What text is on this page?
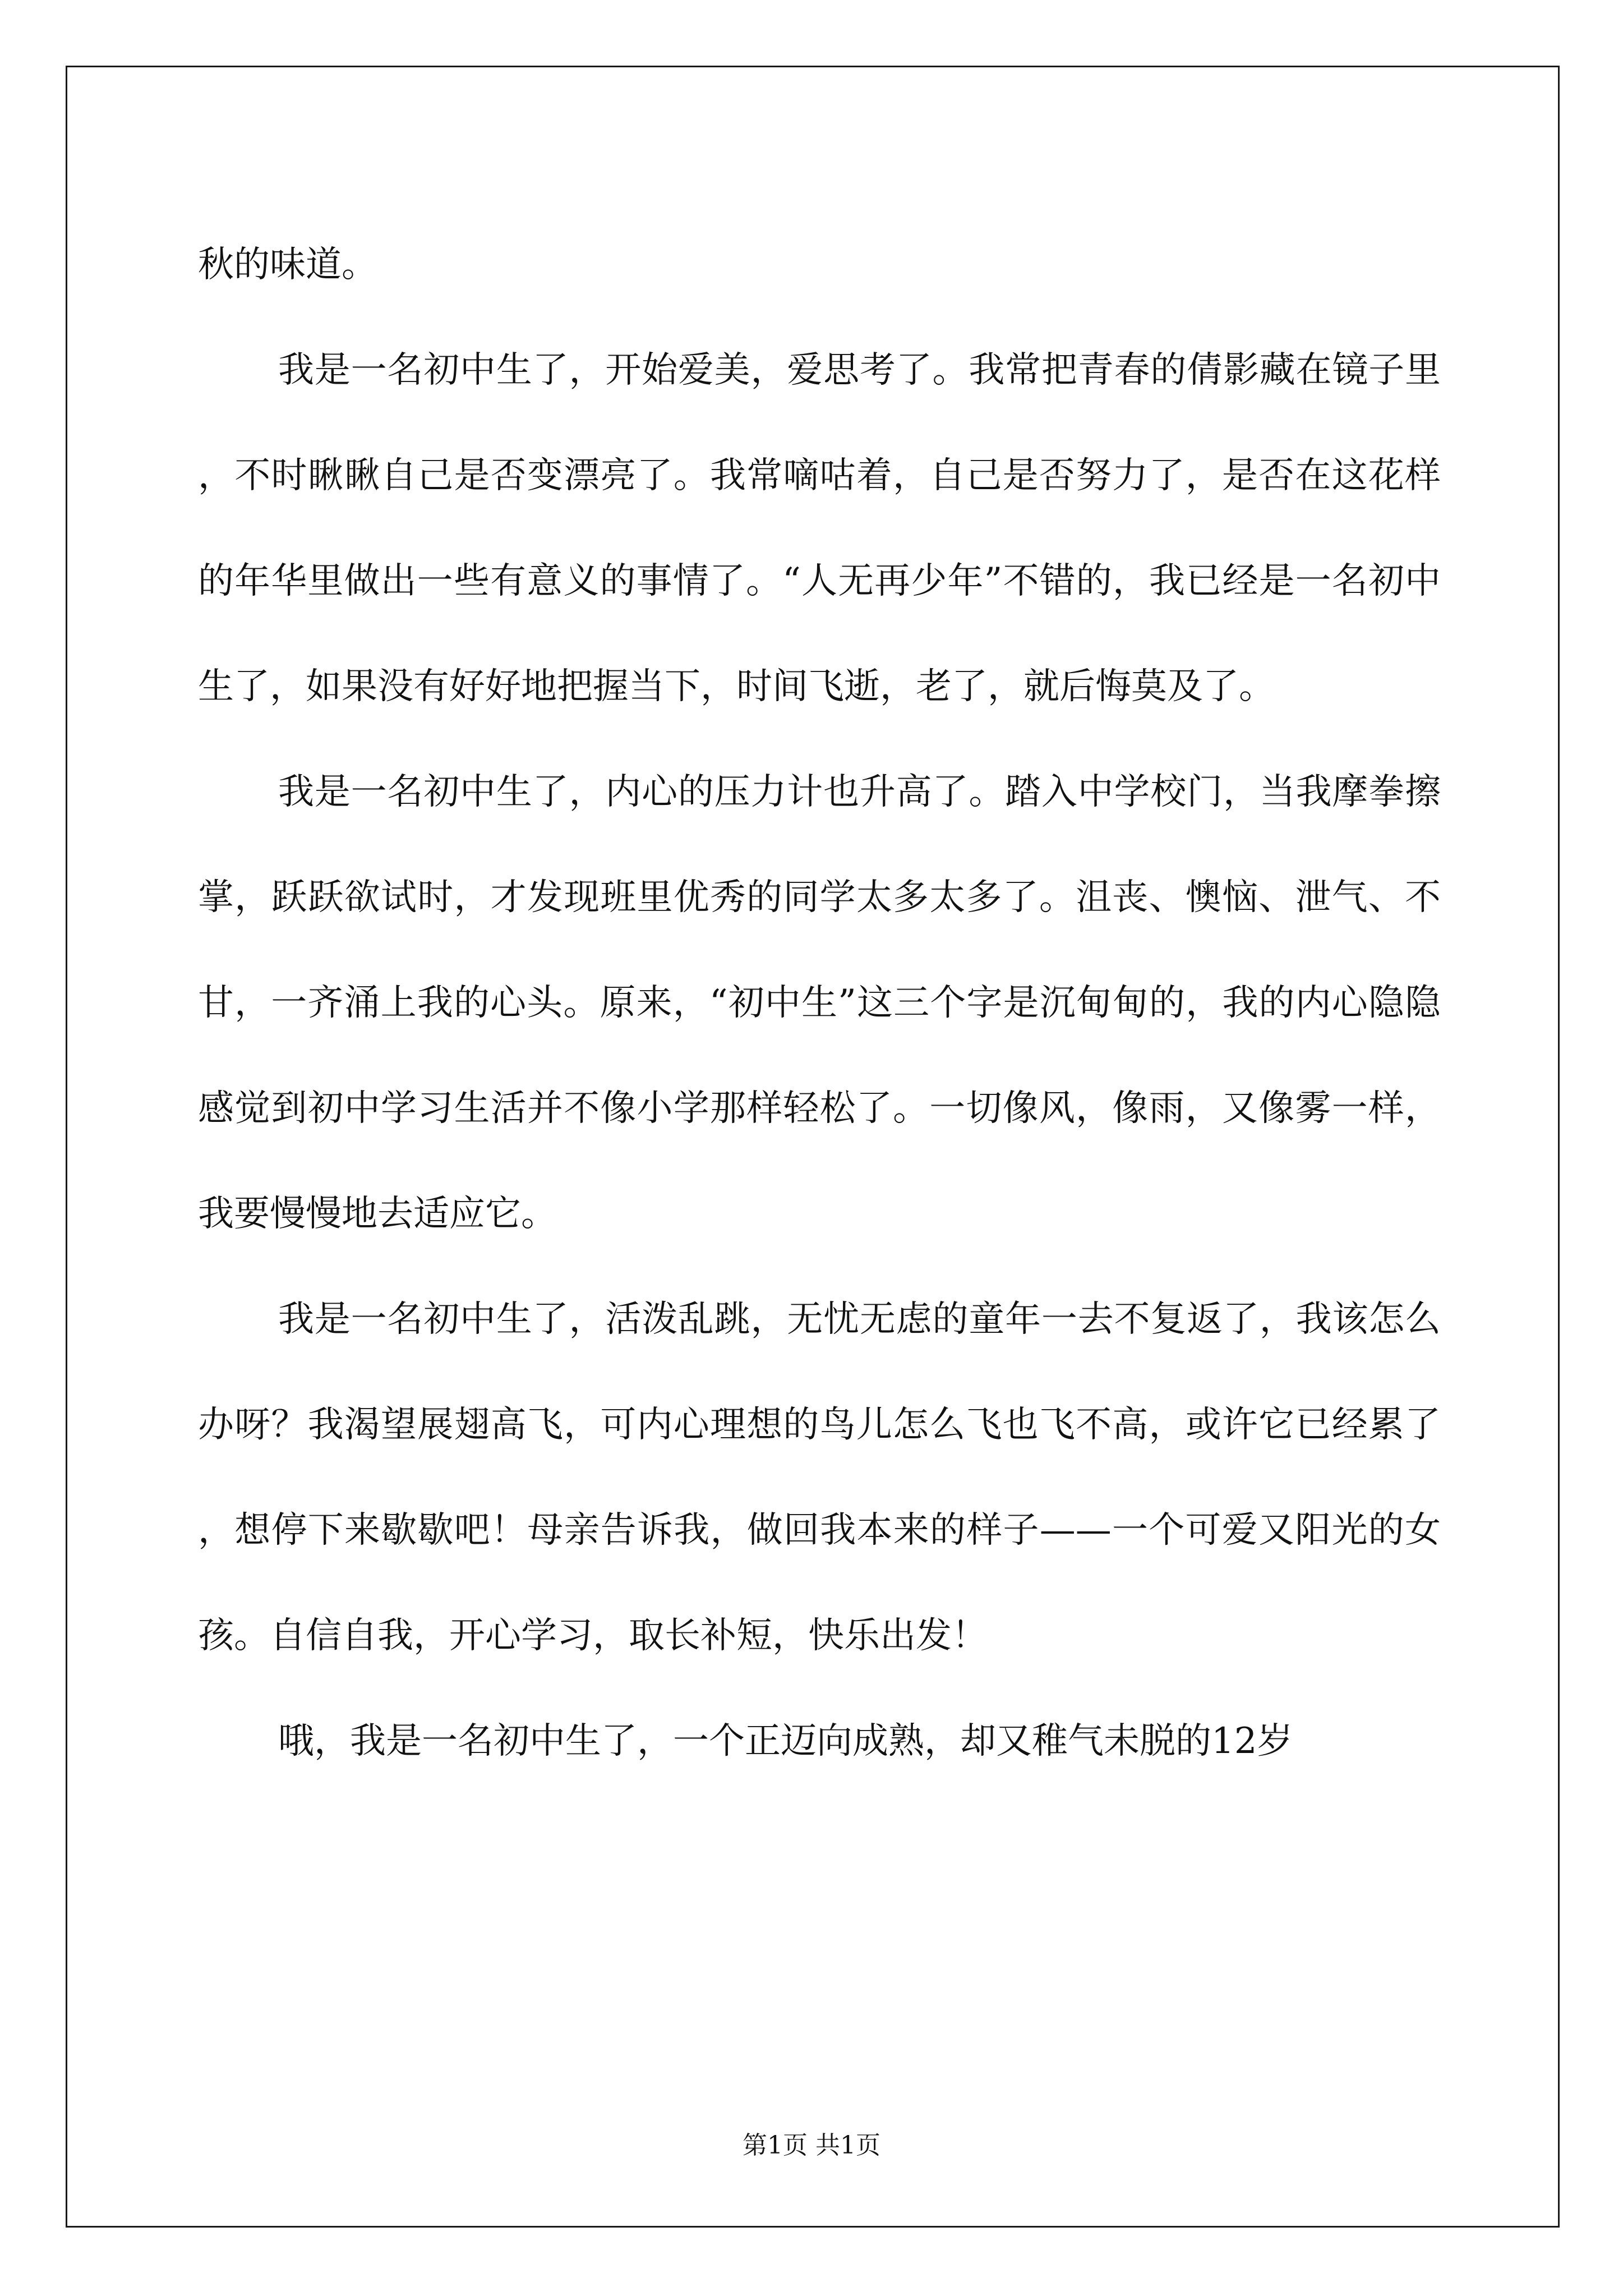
秋的味道。

我是一名初中生了，开始爱美，爱思考了。我常把青春的倩影藏在镜子里，不时瞅瞅自己是否变漂亮了。我常嘀咕着，自己是否努力了，是否在这花样的年华里做出一些有意义的事情了。“人无再少年”不错的，我已经是一名初中生了，如果没有好好地把握当下，时间飞逝，老了，就后悔莫及了。

我是一名初中生了，内心的压力计也升高了。踏入中学校门，当我摩拳擦掌，跃跃欲试时，才发现班里优秀的同学太多太多了。沮丧、懊恼、泄气、不甘，一齐涌上我的心头。原来，“初中生”这三个字是沉甸甸的，我的内心隐隐感觉到初中学习生活并不像小学那样轻松了。一切像风，像雨，又像雾一样，我要慢慢地去适应它。

我是一名初中生了，活泼乱跳，无忧无虑的童年一去不复返了，我该怎么办呀？我渴望展翅高飞，可内心理想的鸟儿怎么飞也飞不高，或许它已经累了，想停下来歇歇吧！母亲告诉我，做回我本来的样子——一个可爱又阳光的女孩。自信自我，开心学习，取长补短，快乐出发！

哦，我是一名初中生了，一个正迈向成熟，却又稚气未脱的12岁

第1页 共1页
